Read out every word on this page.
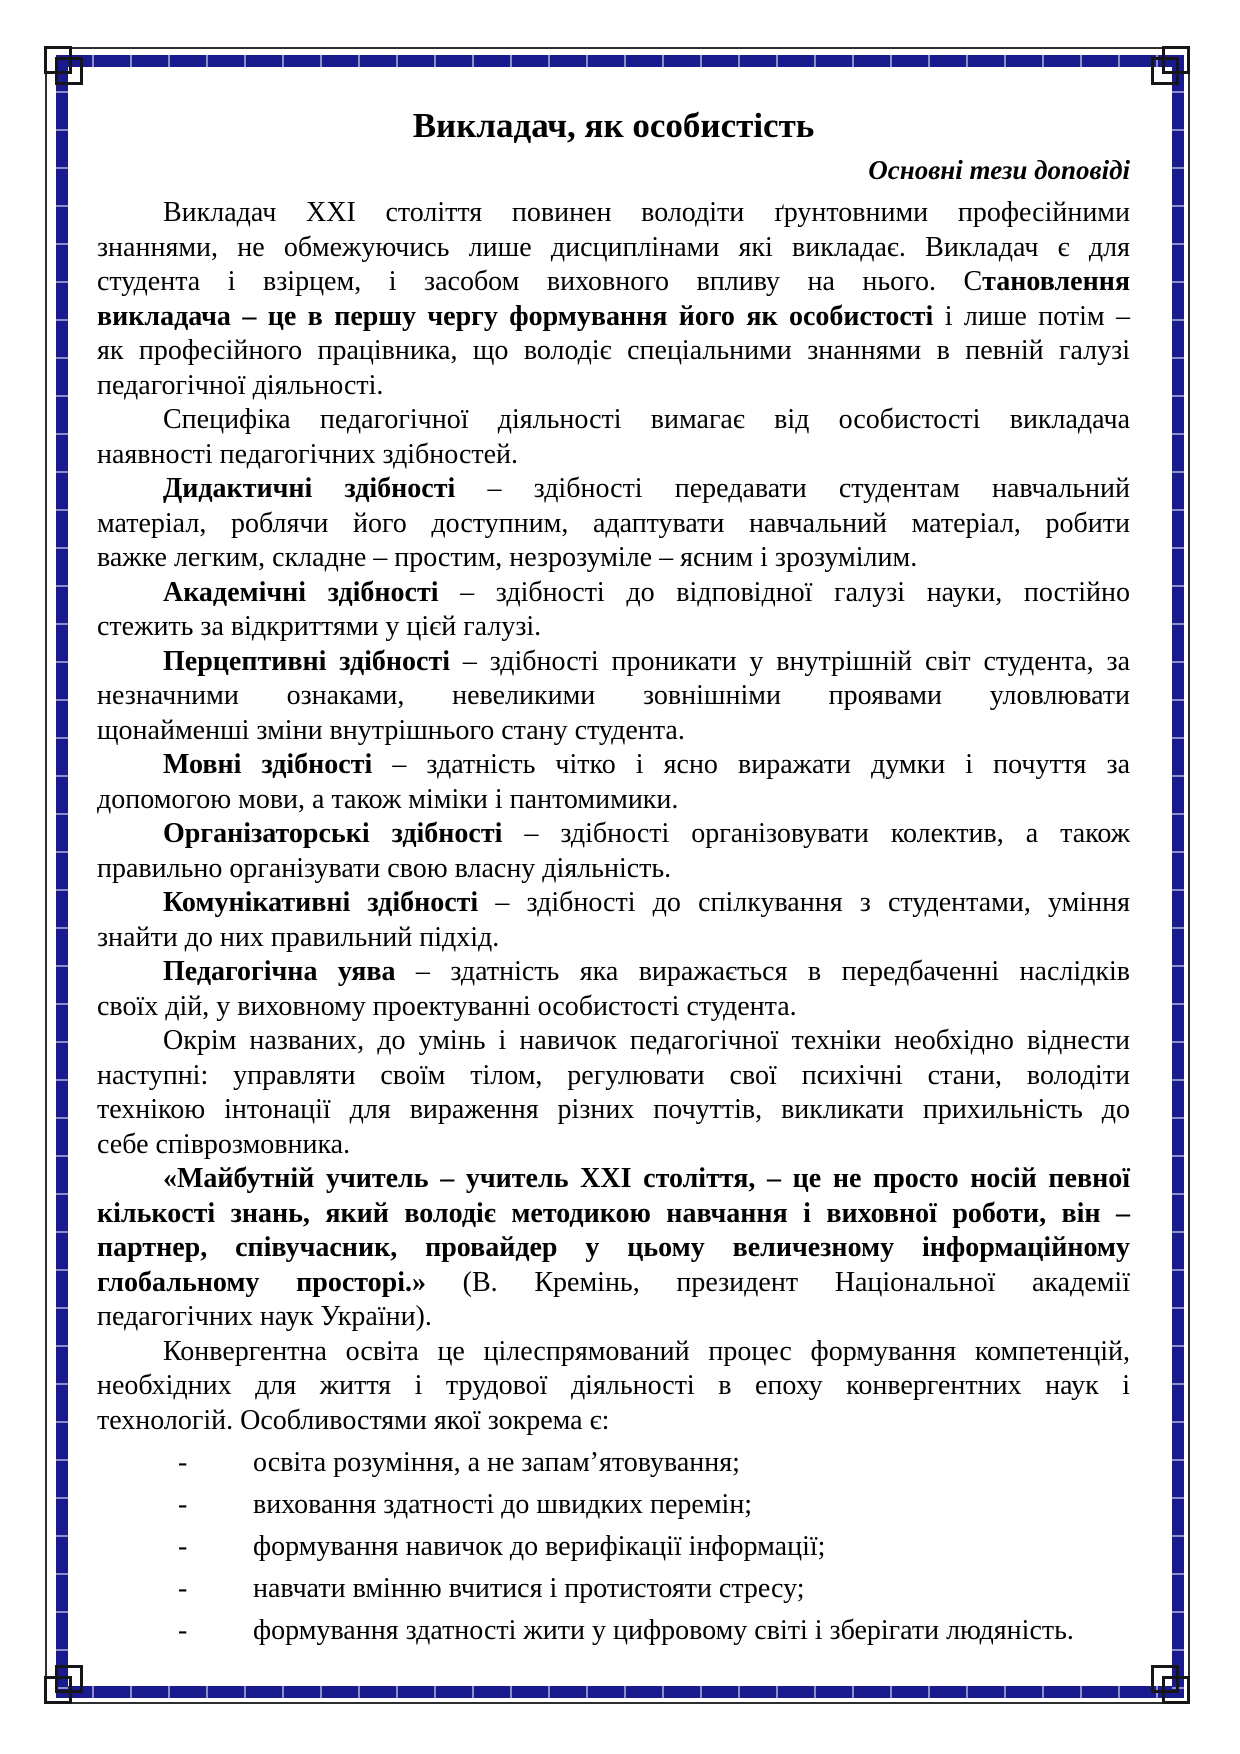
Викладач, як особистість
Основні тези доповіді
Викладач ХХІ століття повинен володіти ґрунтовними професійними
знаннями, не обмежуючись лише дисциплінами які викладає. Викладач є для
студента і взірцем, і засобом виховного впливу на нього. Становлення
викладача – це в першу чергу формування його як особистості і лише потім –
як професійного працівника, що володіє спеціальними знаннями в певній галузі
педагогічної діяльності.
Специфіка педагогічної діяльності вимагає від особистості викладача
наявності педагогічних здібностей.
Дидактичні здібності – здібності передавати студентам навчальний
матеріал, роблячи його доступним, адаптувати навчальний матеріал, робити
важке легким, складне – простим, незрозуміле – ясним і зрозумілим.
Академічні здібності – здібності до відповідної галузі науки, постійно
стежить за відкриттями у цієй галузі.
Перцептивні здібності – здібності проникати у внутрішній світ студента, за
незначними ознаками, невеликими зовнішніми проявами уловлювати
щонайменші зміни внутрішнього стану студента.
Мовні здібності – здатність чітко і ясно виражати думки і почуття за
допомогою мови, а також міміки і пантомимики.
Організаторські здібності – здібності організовувати колектив, а також
правильно організувати свою власну діяльність.
Комунікативні здібності – здібності до спілкування з студентами, уміння
знайти до них правильний підхід.
Педагогічна уява – здатність яка виражається в передбаченні наслідків
своїх дій, у виховному проектуванні особистості студента.
Окрім названих, до умінь і навичок педагогічної техніки необхідно віднести
наступні: управляти своїм тілом, регулювати свої психічні стани, володіти
технікою інтонації для вираження різних почуттів, викликати прихильність до
себе співрозмовника.
«Майбутній учитель – учитель ХХІ століття, – це не просто носій певної
кількості знань, який володіє методикою навчання і виховної роботи, він –
партнер, співучасник, провайдер у цьому величезному інформаційному
глобальному просторі.» (В. Кремінь, президент Національної академії
педагогічних наук України).
Конвергентна освіта це цілеспрямований процес формування компетенцій,
необхідних для життя і трудової діяльності в епоху конвергентних наук і
технологій. Особливостями якої зокрема є:
-	освіта розуміння, а не запам’ятовування;
-	виховання здатності до швидких перемін;
-	формування навичок до верифікації інформації;
-	навчати вмінню вчитися і протистояти стресу;
-	формування здатності жити у цифровому світі і зберігати людяність.
